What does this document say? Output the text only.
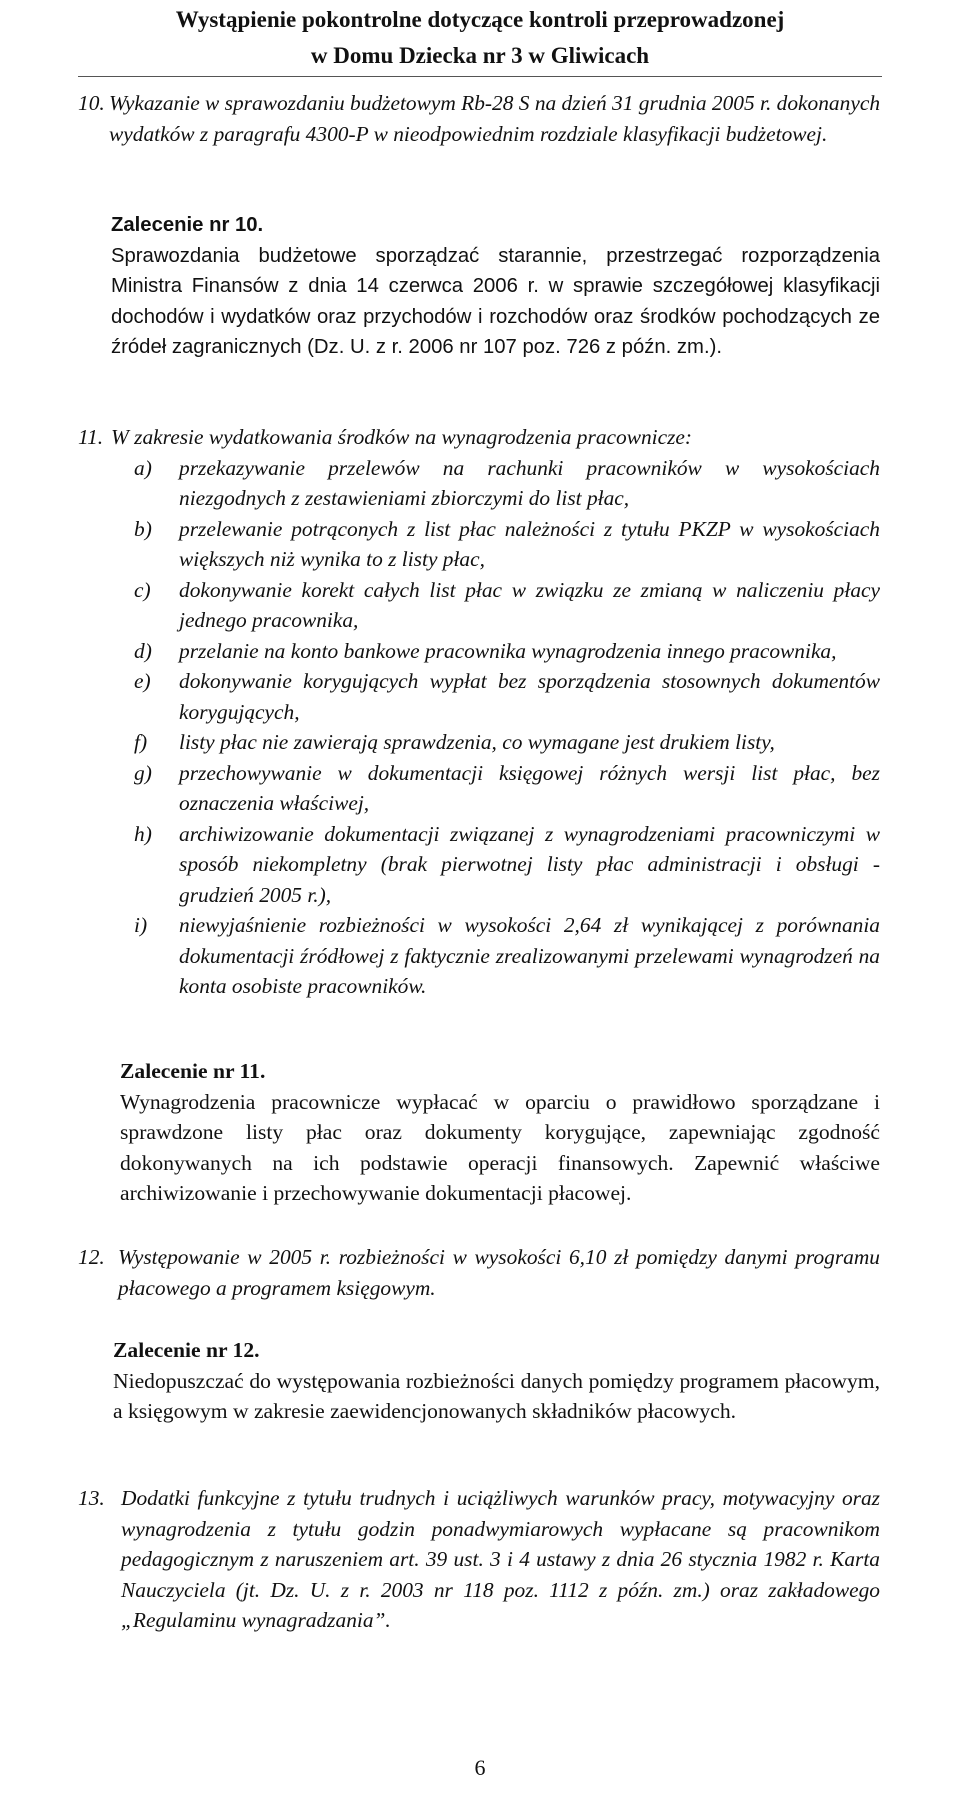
Wystąpienie pokontrolne dotyczące kontroli przeprowadzonej
w Domu Dziecka nr 3 w Gliwicach
10. Wykazanie w sprawozdaniu budżetowym Rb-28 S na dzień 31 grudnia 2005 r. dokonanych wydatków z paragrafu 4300-P w nieodpowiednim rozdziale klasyfikacji budżetowej.

Zalecenie nr 10.

Sprawozdania budżetowe sporządzać starannie, przestrzegać rozporządzenia Ministra Finansów z dnia 14 czerwca 2006 r. w sprawie szczegółowej klasyfikacji dochodów i wydatków oraz przychodów i rozchodów oraz środków pochodzących ze źródeł zagranicznych (Dz. U. z r. 2006 nr 107 poz. 726 z późn. zm.).

11. W zakresie wydatkowania środków na wynagrodzenia pracownicze:

a) przekazywanie przelewów na rachunki pracowników w wysokościach niezgodnych z zestawieniami zbiorczymi do list płac,

b) przelewanie potrąconych z list płac należności z tytułu PKZP w wysokościach większych niż wynika to z listy płac,

c) dokonywanie korekt całych list płac w związku ze zmianą w naliczeniu płacy jednego pracownika,

d) przelanie na konto bankowe pracownika wynagrodzenia innego pracownika,

e) dokonywanie korygujących wypłat bez sporządzenia stosownych dokumentów korygujących,

f) listy płac nie zawierają sprawdzenia, co wymagane jest drukiem listy,

g) przechowywanie w dokumentacji księgowej różnych wersji list płac, bez oznaczenia właściwej,

h) archiwizowanie dokumentacji związanej z wynagrodzeniami pracowniczymi w sposób niekompletny (brak pierwotnej listy płac administracji i obsługi - grudzień 2005 r.),

i) niewyjaśnienie rozbieżności w wysokości 2,64 zł wynikającej z porównania dokumentacji źródłowej z faktycznie zrealizowanymi przelewami wynagrodzeń na konta osobiste pracowników.

Zalecenie nr 11.

Wynagrodzenia pracownicze wypłacać w oparciu o prawidłowo sporządzane i sprawdzone listy płac oraz dokumenty korygujące, zapewniając zgodność dokonywanych na ich podstawie operacji finansowych. Zapewnić właściwe archiwizowanie i przechowywanie dokumentacji płacowej.

12. Występowanie w 2005 r. rozbieżności w wysokości 6,10 zł pomiędzy danymi programu płacowego a programem księgowym.

Zalecenie nr 12.

Niedopuszczać do występowania rozbieżności danych pomiędzy programem płacowym, a księgowym w zakresie zaewidencjonowanych składników płacowych.

13. Dodatki funkcyjne z tytułu trudnych i uciążliwych warunków pracy, motywacyjny oraz wynagrodzenia z tytułu godzin ponadwymiarowych wypłacane są pracownikom pedagogicznym z naruszeniem art. 39 ust. 3 i 4 ustawy z dnia 26 stycznia 1982 r. Karta Nauczyciela (jt. Dz. U. z r. 2003 nr 118 poz. 1112 z późn. zm.) oraz zakładowego „Regulaminu wynagradzania”.

6
